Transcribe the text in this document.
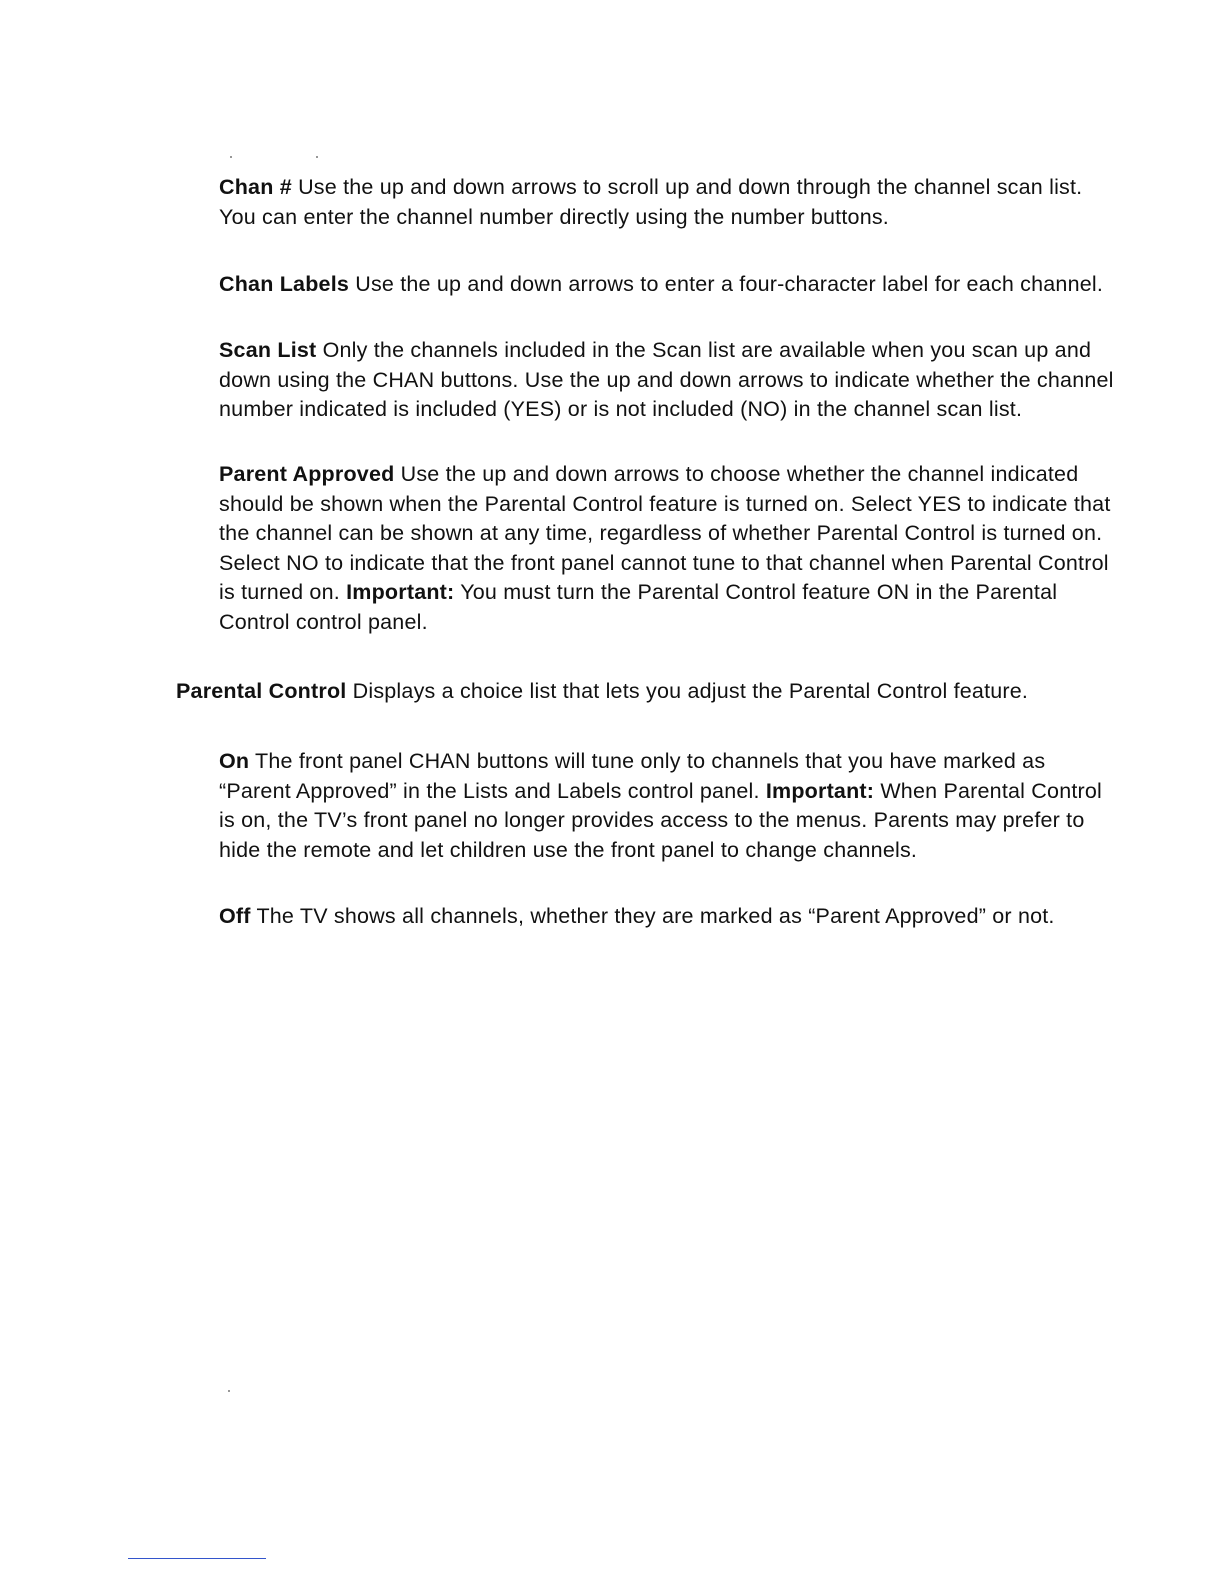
Chan # Use the up and down arrows to scroll up and down through the channel scan list. You can enter the channel number directly using the number buttons.

Chan Labels Use the up and down arrows to enter a four-character label for each channel.

Scan List Only the channels included in the Scan list are available when you scan up and down using the CHAN buttons. Use the up and down arrows to indicate whether the channel number indicated is included (YES) or is not included (NO) in the channel scan list.

Parent Approved Use the up and down arrows to choose whether the channel indicated should be shown when the Parental Control feature is turned on. Select YES to indicate that the channel can be shown at any time, regardless of whether Parental Control is turned on. Select NO to indicate that the front panel cannot tune to that channel when Parental Control is turned on. Important: You must turn the Parental Control feature ON in the Parental Control control panel.

Parental Control Displays a choice list that lets you adjust the Parental Control feature.

On The front panel CHAN buttons will tune only to channels that you have marked as “Parent Approved” in the Lists and Labels control panel. Important: When Parental Control is on, the TV’s front panel no longer provides access to the menus. Parents may prefer to hide the remote and let children use the front panel to change channels.

Off The TV shows all channels, whether they are marked as “Parent Approved” or not.
